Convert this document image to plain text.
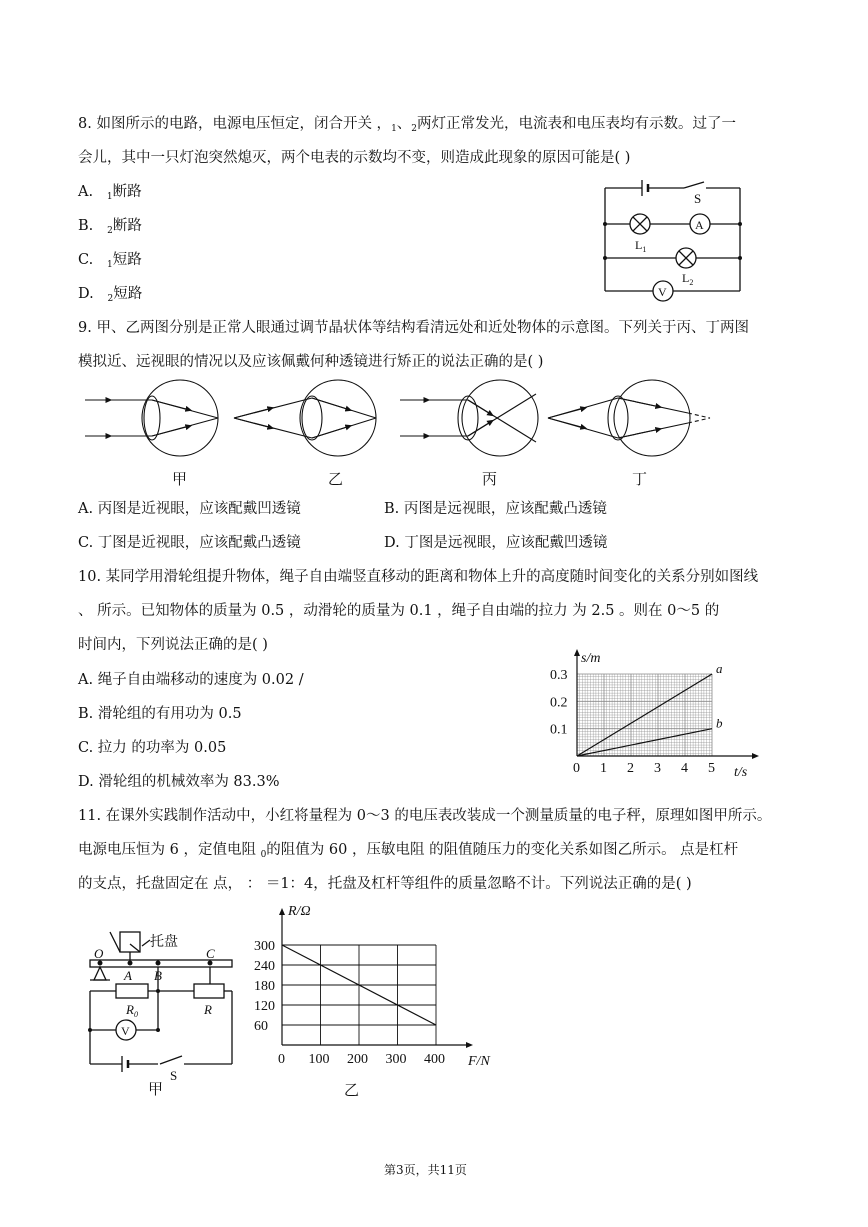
8. 如图所示的电路，电源电压恒定，闭合开关 ，$_1$、$_2$两灯正常发光，电流表和电压表均有示数。过了一
会儿，其中一只灯泡突然熄灭，两个电表的示数均不变，则造成此现象的原因可能是( )
A. $_1$断路
B. $_2$断路
C. $_1$短路
D. $_2$短路
S
A
V
$L_1$
$L_2$
9. 甲、乙两图分别是正常人眼通过调节晶状体等结构看清远处和近处物体的示意图。下列关于丙、丁两图
模拟近、远视眼的情况以及应该佩戴何种透镜进行矫正的说法正确的是( )
甲	乙	丙	丁
A. 丙图是近视眼，应该配戴凹透镜	B. 丙图是远视眼，应该配戴凸透镜
C. 丁图是近视眼，应该配戴凸透镜	D. 丁图是远视眼，应该配戴凹透镜
10. 某同学用滑轮组提升物体，绳子自由端竖直移动的距离和物体上升的高度随时间变化的关系分别如图线
、 所示。已知物体的质量为 0.5 ，动滑轮的质量为 0.1 ，绳子自由端的拉力 为 2.5 。则在 0～5 的
时间内，下列说法正确的是( )
A. 绳子自由端移动的速度为 0.02 /
B. 滑轮组的有用功为 0.5
C. 拉力 的功率为 0.05
D. 滑轮组的机械效率为 83.3%
0 1 2 3 4 5
0.1
0.2
0.3
s/m
t/s
a
b
11. 在课外实践制作活动中，小红将量程为 0～3 的电压表改装成一个测量质量的电子秤，原理如图甲所示。
电源电压恒为 6 ，定值电阻 $_0$的阻值为 60 ，压敏电阻 的阻值随压力的变化关系如图乙所示。 点是杠杆
的支点，托盘固定在 点， ： ＝1：4，托盘及杠杆等组件的质量忽略不计。下列说法正确的是( )
托盘
O
A B
C
$R_0$	R
V
S
甲
0 100 200 300 400
60
120
180
240
300
R/Ω
F/N
乙
第3页，共11页
